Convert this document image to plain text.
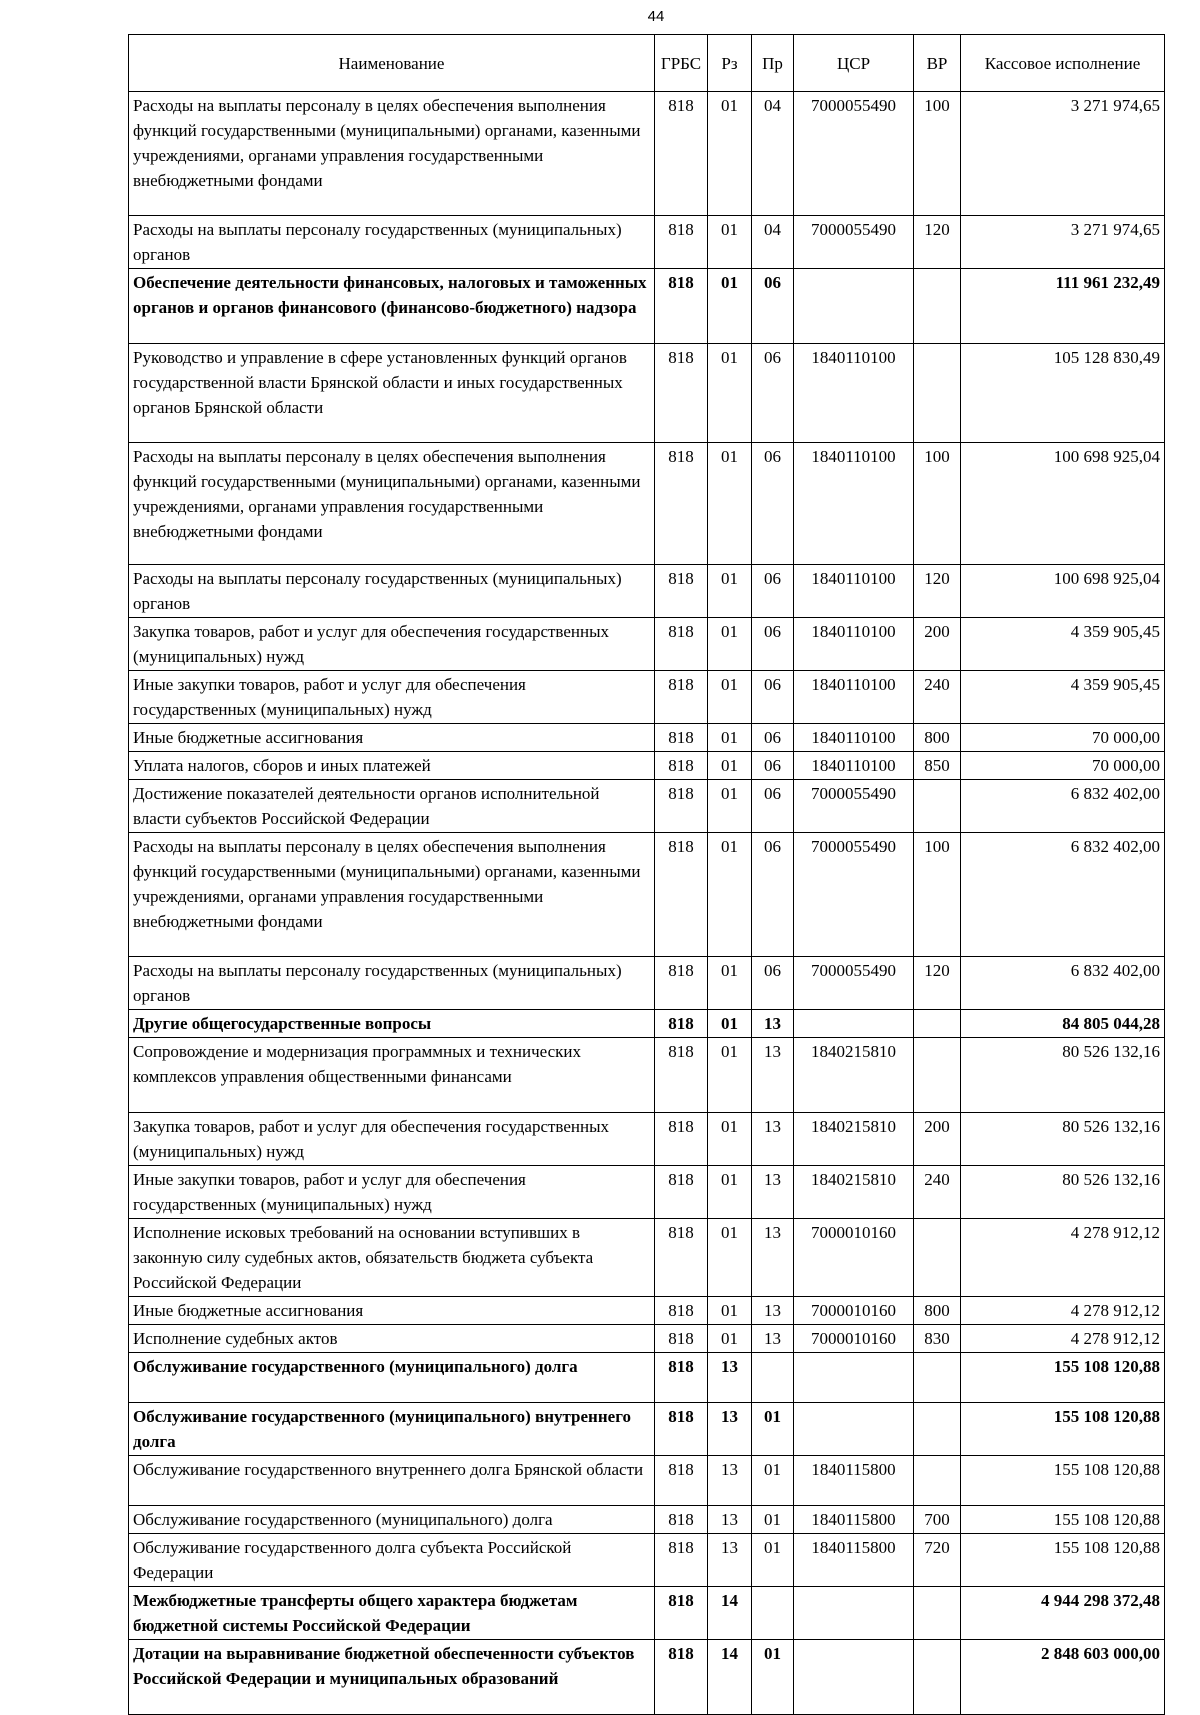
44
Наименование	ГРБС	Рз	Пр	ЦСР	ВР	Кассовое исполнение
Расходы на выплаты персоналу в целях обеспечения выполнения функций государственными (муниципальными) органами, казенными учреждениями, органами управления государственными внебюджетными фондами	818	01	04	7000055490	100	3 271 974,65
Расходы на выплаты персоналу государственных (муниципальных) органов	818	01	04	7000055490	120	3 271 974,65
Обеспечение деятельности финансовых, налоговых и таможенных органов и органов финансового (финансово-бюджетного) надзора	818	01	06			111 961 232,49
Руководство и управление в сфере установленных функций органов государственной власти Брянской области и иных государственных органов Брянской области	818	01	06	1840110100		105 128 830,49
Расходы на выплаты персоналу в целях обеспечения выполнения функций государственными (муниципальными) органами, казенными учреждениями, органами управления государственными внебюджетными фондами	818	01	06	1840110100	100	100 698 925,04
Расходы на выплаты персоналу государственных (муниципальных) органов	818	01	06	1840110100	120	100 698 925,04
Закупка товаров, работ и услуг для обеспечения государственных (муниципальных) нужд	818	01	06	1840110100	200	4 359 905,45
Иные закупки товаров, работ и услуг для обеспечения государственных (муниципальных) нужд	818	01	06	1840110100	240	4 359 905,45
Иные бюджетные ассигнования	818	01	06	1840110100	800	70 000,00
Уплата налогов, сборов и иных платежей	818	01	06	1840110100	850	70 000,00
Достижение показателей деятельности органов исполнительной власти субъектов Российской Федерации	818	01	06	7000055490		6 832 402,00
Расходы на выплаты персоналу в целях обеспечения выполнения функций государственными (муниципальными) органами, казенными учреждениями, органами управления государственными внебюджетными фондами	818	01	06	7000055490	100	6 832 402,00
Расходы на выплаты персоналу государственных (муниципальных) органов	818	01	06	7000055490	120	6 832 402,00
Другие общегосударственные вопросы	818	01	13			84 805 044,28
Сопровождение и модернизация программных и технических комплексов управления общественными финансами	818	01	13	1840215810		80 526 132,16
Закупка товаров, работ и услуг для обеспечения государственных (муниципальных) нужд	818	01	13	1840215810	200	80 526 132,16
Иные закупки товаров, работ и услуг для обеспечения государственных (муниципальных) нужд	818	01	13	1840215810	240	80 526 132,16
Исполнение исковых требований на основании вступивших в законную силу судебных актов, обязательств бюджета субъекта Российской Федерации	818	01	13	7000010160		4 278 912,12
Иные бюджетные ассигнования	818	01	13	7000010160	800	4 278 912,12
Исполнение судебных актов	818	01	13	7000010160	830	4 278 912,12
Обслуживание государственного (муниципального) долга	818	13				155 108 120,88
Обслуживание государственного (муниципального) внутреннего долга	818	13	01			155 108 120,88
Обслуживание государственного внутреннего долга Брянской области	818	13	01	1840115800		155 108 120,88
Обслуживание государственного (муниципального) долга	818	13	01	1840115800	700	155 108 120,88
Обслуживание государственного долга субъекта Российской Федерации	818	13	01	1840115800	720	155 108 120,88
Межбюджетные трансферты общего характера бюджетам бюджетной системы Российской Федерации	818	14				4 944 298 372,48
Дотации на выравнивание бюджетной обеспеченности субъектов Российской Федерации и муниципальных образований	818	14	01			2 848 603 000,00
